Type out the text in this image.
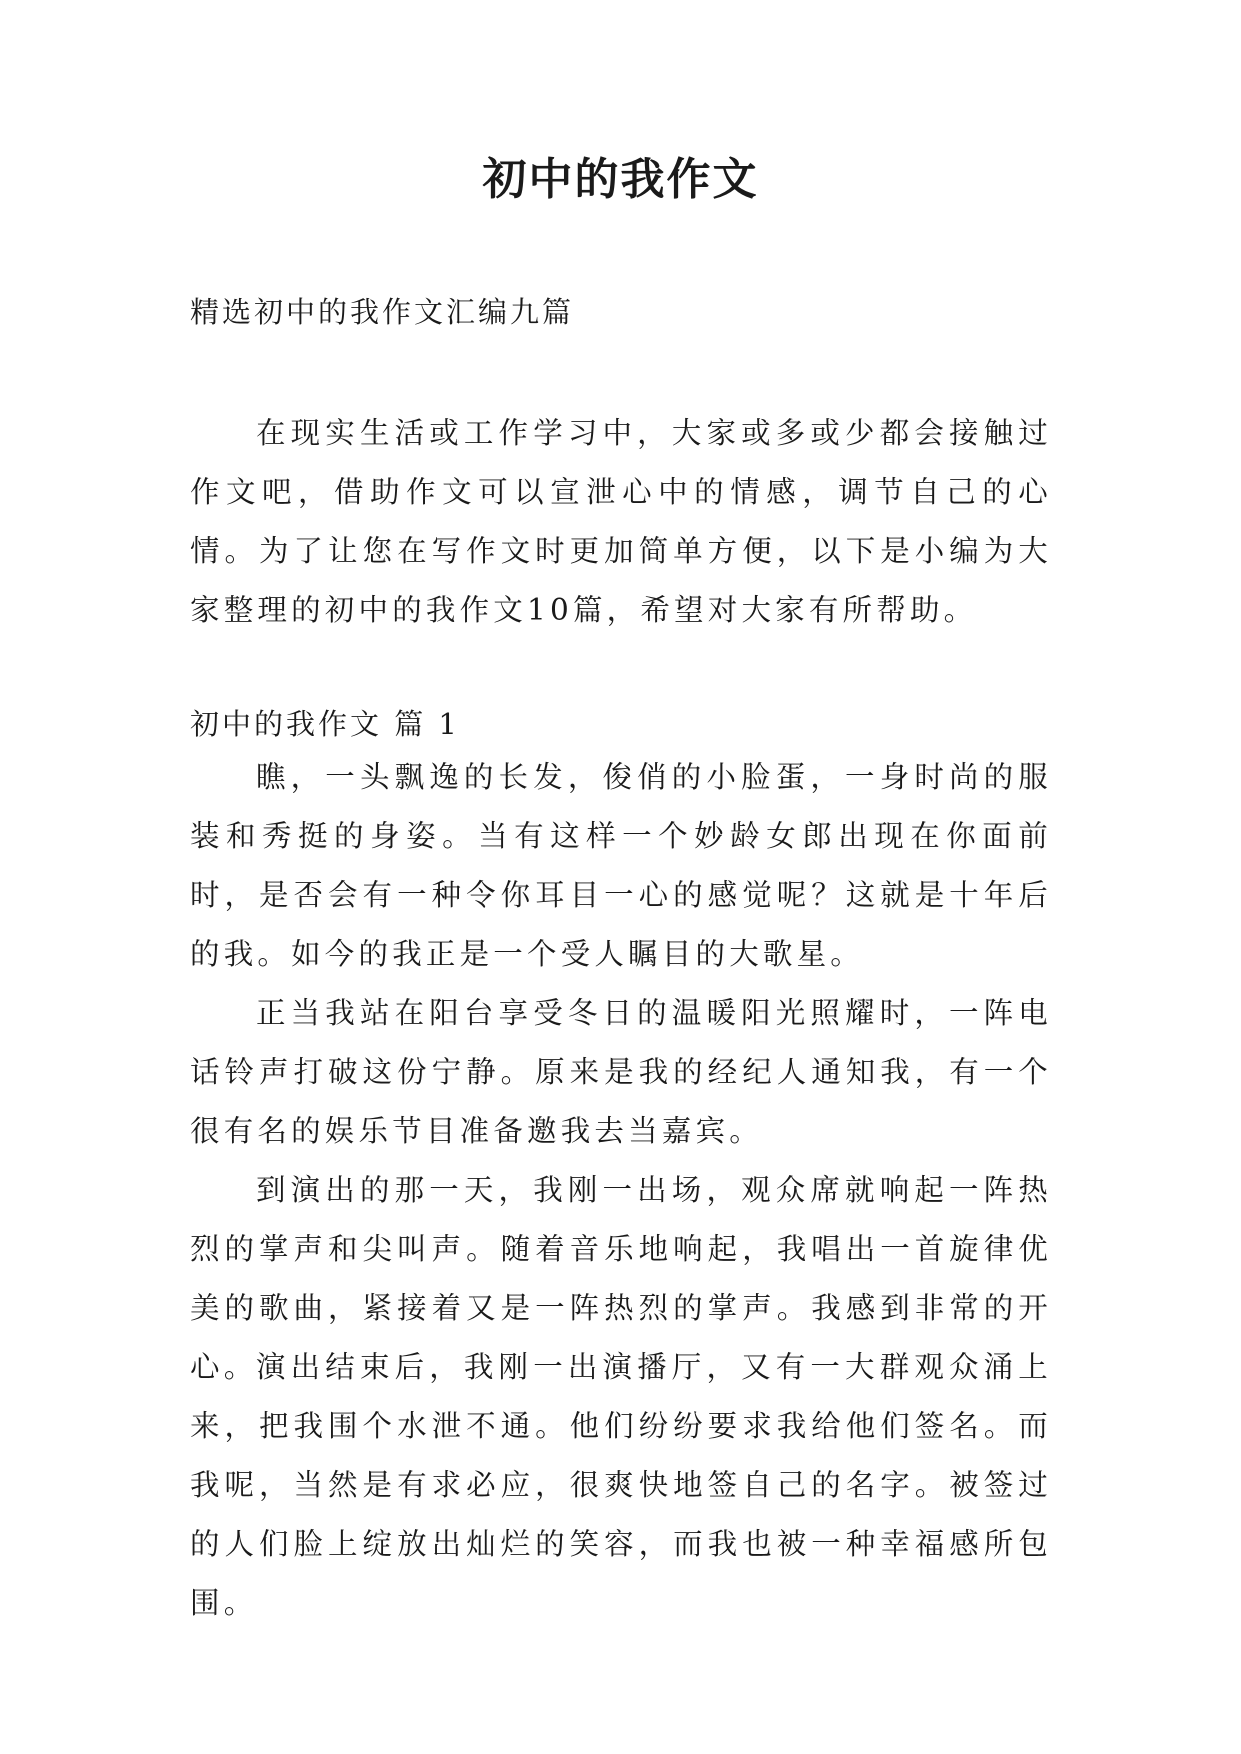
初中的我作文
精选初中的我作文汇编九篇

在现实生活或工作学习中，大家或多或少都会接触过作文吧，借助作文可以宣泄心中的情感，调节自己的心情。为了让您在写作文时更加简单方便，以下是小编为大家整理的初中的我作文10篇，希望对大家有所帮助。

初中的我作文 篇 1

瞧，一头飘逸的长发，俊俏的小脸蛋，一身时尚的服装和秀挺的身姿。当有这样一个妙龄女郎出现在你面前时，是否会有一种令你耳目一心的感觉呢？这就是十年后的我。如今的我正是一个受人瞩目的大歌星。

正当我站在阳台享受冬日的温暖阳光照耀时，一阵电话铃声打破这份宁静。原来是我的经纪人通知我，有一个很有名的娱乐节目准备邀我去当嘉宾。

到演出的那一天，我刚一出场，观众席就响起一阵热烈的掌声和尖叫声。随着音乐地响起，我唱出一首旋律优美的歌曲，紧接着又是一阵热烈的掌声。我感到非常的开心。

演出结束后，我刚一出演播厅，又有一大群观众涌上来，把我围个水泄不通。他们纷纷要求我给他们签名。而我呢，当然是有求必应，很爽快地签自己的名字。被签过的人们脸上绽放出灿烂的笑容，而我也被一种幸福感所包围。
